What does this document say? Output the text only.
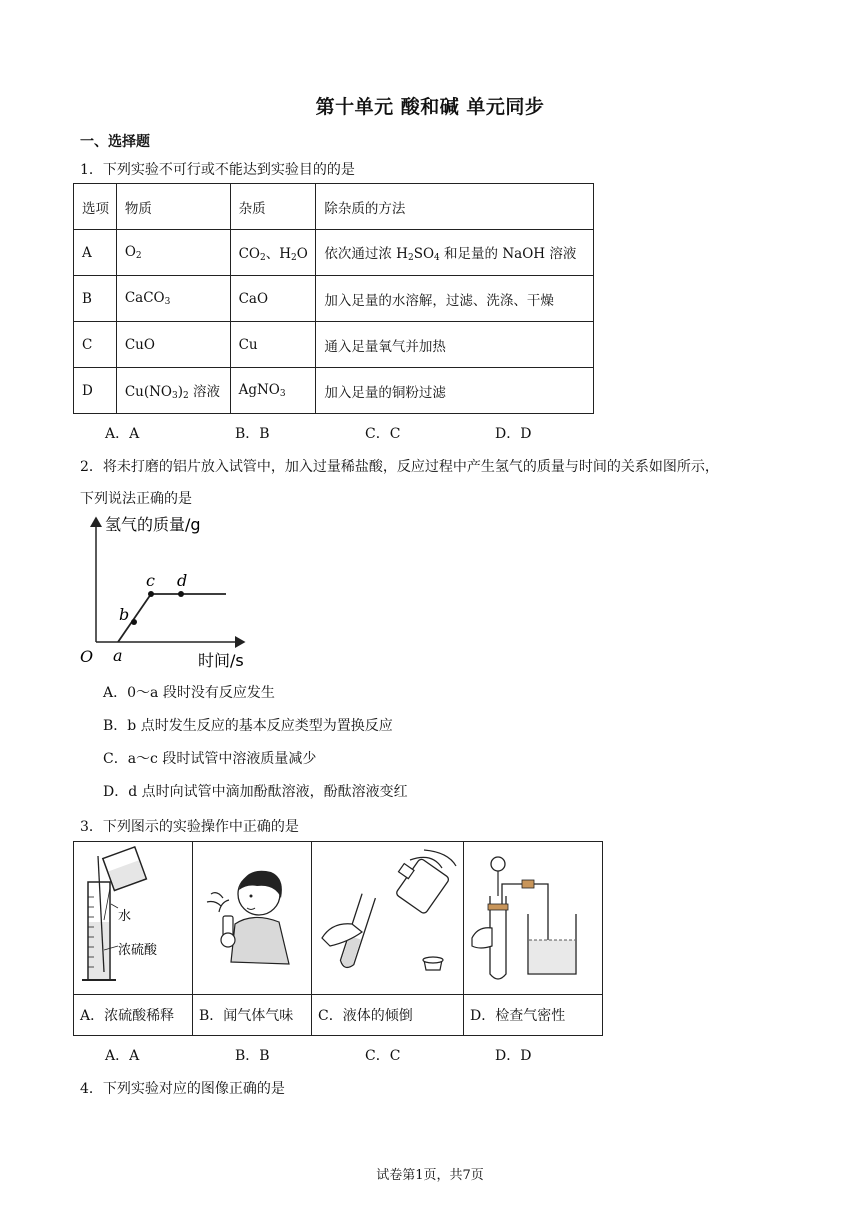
第十单元 酸和碱 单元同步
一、选择题
1．下列实验不可行或不能达到实验目的的是
选项	物质	杂质	除杂质的方法
A	$O_2$	$CO_2$、$H_2O$	依次通过浓 $H_2SO_4$ 和足量的 NaOH 溶液
B	CaCO$_3$	CaO	加入足量的水溶解，过滤、洗涤、干燥
C	CuO	Cu	通入足量氧气并加热
D	$Cu(NO_3)_2$ 溶液	AgNO$_3$	加入足量的铜粉过滤
A．A	B．B	C．C	D．D
2．将未打磨的铝片放入试管中，加入过量稀盐酸，反应过程中产生氢气的质量与时间的关系如图所示，
下列说法正确的是
氢气的质量/g
时间/s
O a
b
c d
A．0～a 段时没有反应发生
B．b 点时发生反应的基本反应类型为置换反应
C．a～c 段时试管中溶液质量减少
D．d 点时向试管中滴加酚酞溶液，酚酞溶液变红
3．下列图示的实验操作中正确的是
水
浓硫酸

A．浓硫酸稀释	B．闻气体气味	C．液体的倾倒	D．检查气密性
A．A	B．B	C．C	D．D
4．下列实验对应的图像正确的是
试卷第1页，共7页
